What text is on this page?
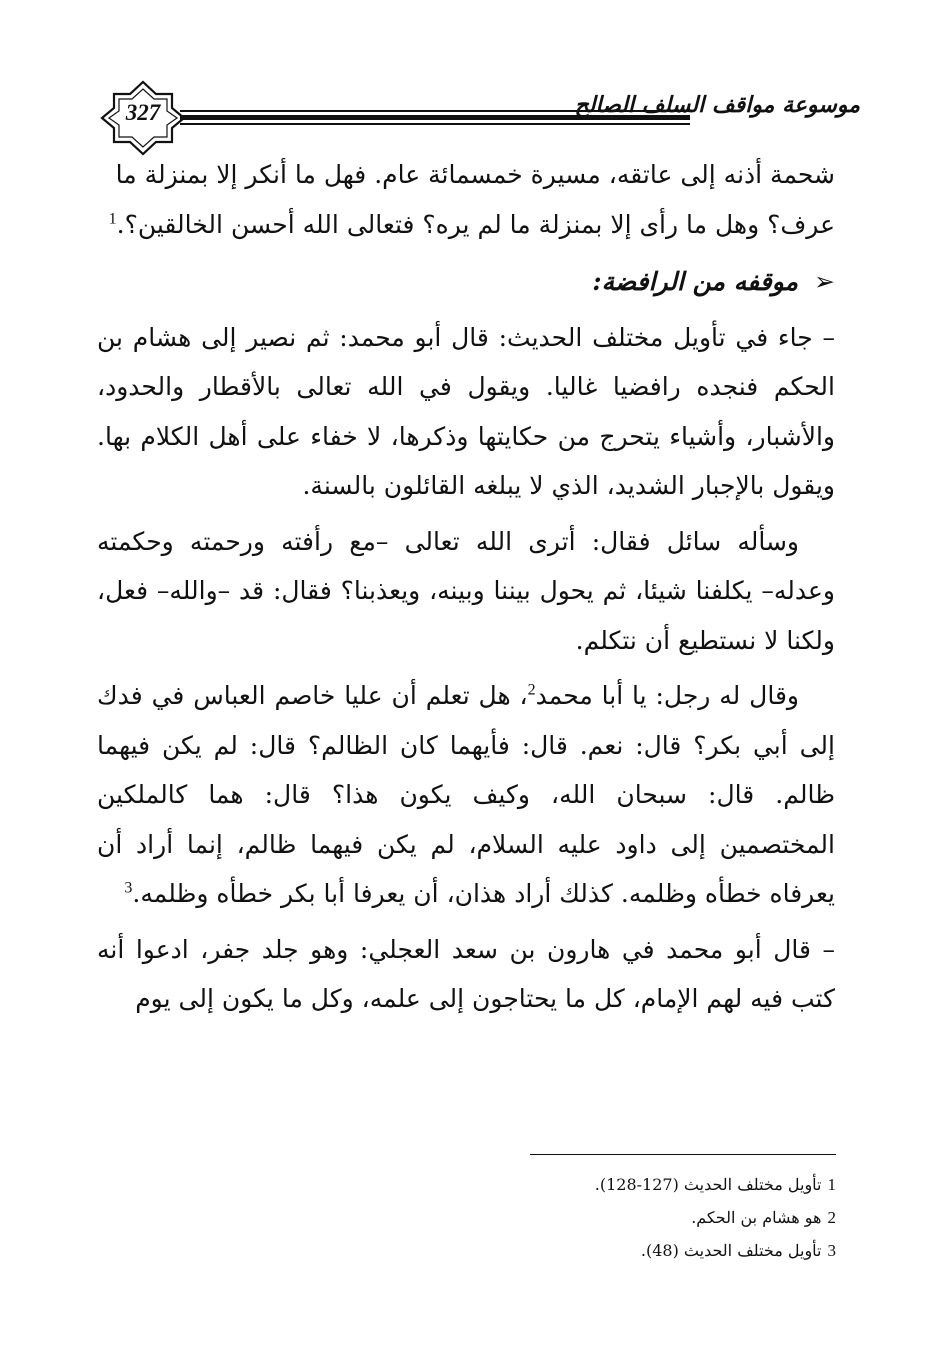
327	موسوعة مواقف السلف الصالح

شحمة أذنه إلى عاتقه، مسيرة خمسمائة عام. فهل ما أنكر إلا بمنزلة ما

عرف؟ وهل ما رأى إلا بمنزلة ما لم يره؟ فتعالى الله أحسن الخالقين؟.$^1$

➢موقفه من الرافضة:

– جاء في تأويل مختلف الحديث: قال أبو محمد: ثم نصير إلى هشام بن الحكم فنجده رافضيا غاليا. ويقول في الله تعالى بالأقطار والحدود، والأشبار، وأشياء يتحرج من حكايتها وذكرها، لا خفاء على أهل الكلام بها. ويقول بالإجبار الشديد، الذي لا يبلغه القائلون بالسنة.

وسأله سائل فقال: أترى الله تعالى –مع رأفته ورحمته وحكمته وعدله– يكلفنا شيئا، ثم يحول بيننا وبينه، ويعذبنا؟ فقال: قد –والله– فعل، ولكنا لا نستطيع أن نتكلم.

وقال له رجل: يا أبا محمد$^2$، هل تعلم أن عليا خاصم العباس في فدك إلى أبي بكر؟ قال: نعم. قال: فأيهما كان الظالم؟ قال: لم يكن فيهما ظالم. قال: سبحان الله، وكيف يكون هذا؟ قال: هما كالملكين المختصمين إلى داود عليه السلام، لم يكن فيهما ظالم، إنما أراد أن يعرفاه خطأه وظلمه. كذلك أراد هذان، أن يعرفا أبا بكر خطأه وظلمه.$^3$

– قال أبو محمد في هارون بن سعد العجلي: وهو جلد جفر، ادعوا أنه كتب فيه لهم الإمام، كل ما يحتاجون إلى علمه، وكل ما يكون إلى يوم

1تأويل مختلف الحديث (127-128).

2هو هشام بن الحكم.

3تأويل مختلف الحديث (48).
